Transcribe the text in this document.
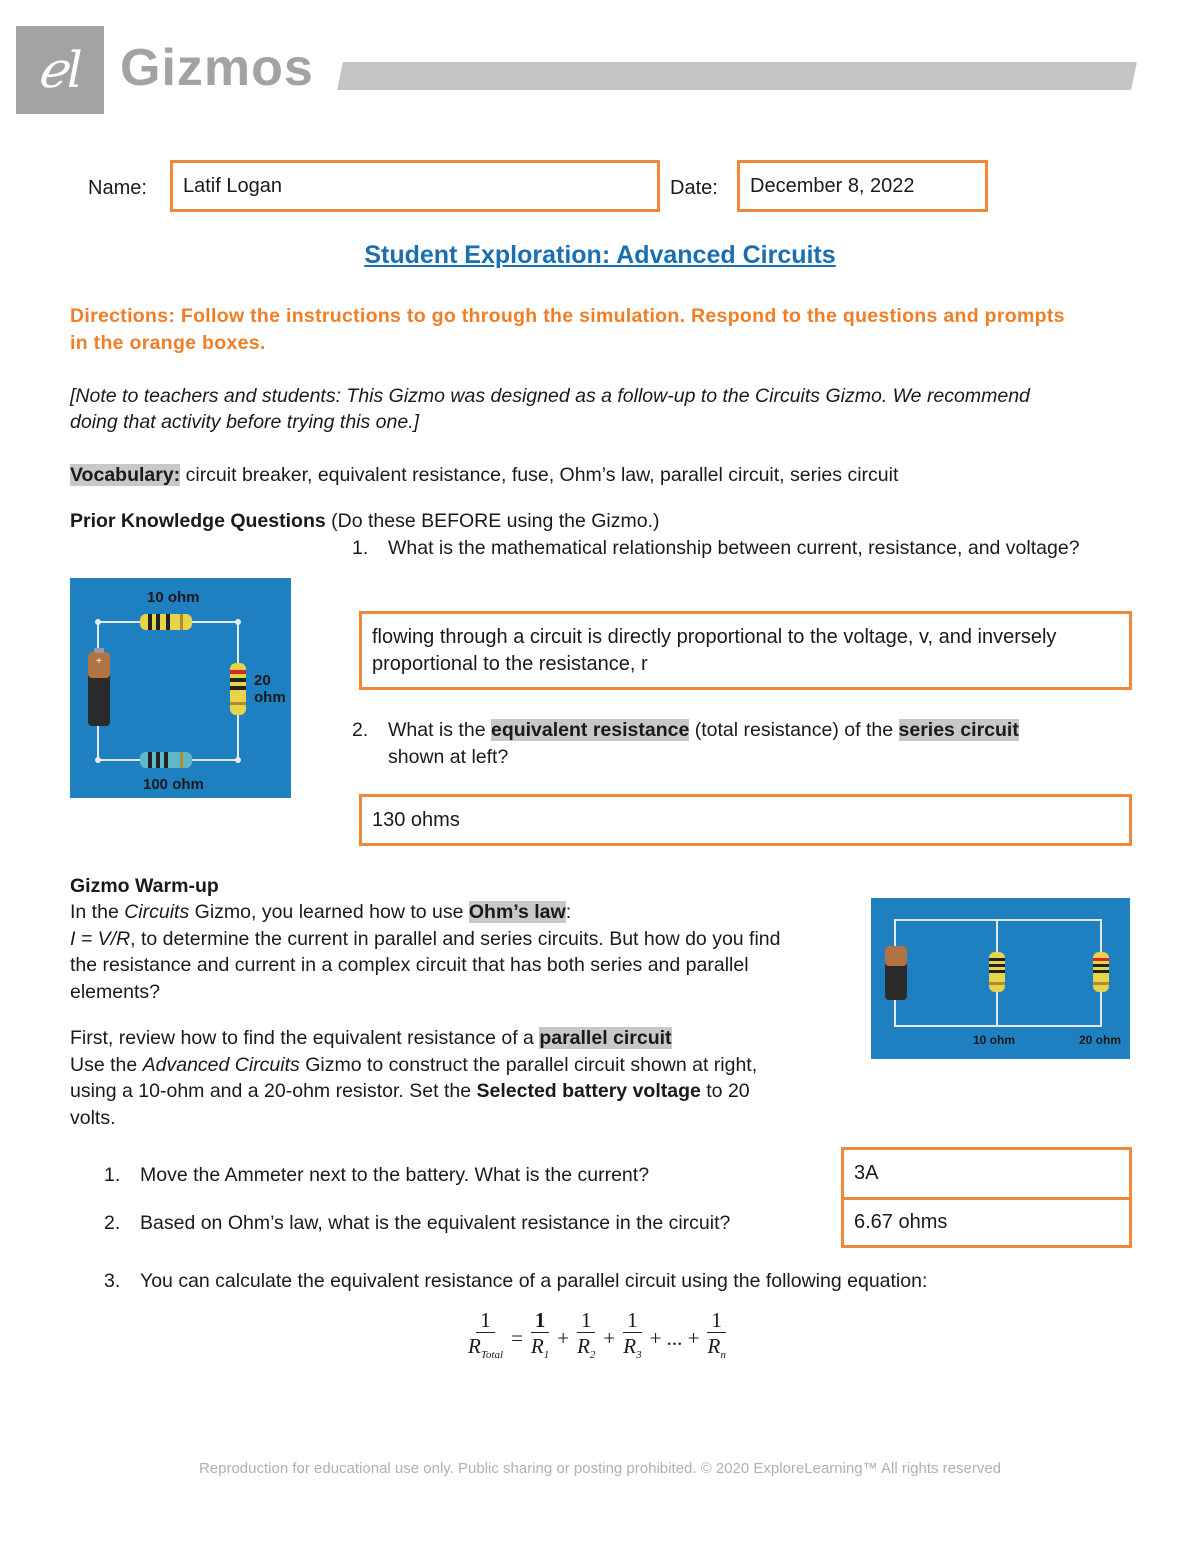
ℯl Gizmos
Name: Latif Logan	Date: December 8, 2022
Student Exploration: Advanced Circuits
Directions: Follow the instructions to go through the simulation. Respond to the questions and prompts in the orange boxes.
[Note to teachers and students: This Gizmo was designed as a follow-up to the Circuits Gizmo. We recommend doing that activity before trying this one.]
Vocabulary: circuit breaker, equivalent resistance, fuse, Ohm’s law, parallel circuit, series circuit
Prior Knowledge Questions (Do these BEFORE using the Gizmo.)
+
10 ohm
20
ohm
100 ohm
1. What is the mathematical relationship between current, resistance, and voltage?
flowing through a circuit is directly proportional to the voltage, v, and inversely proportional to the resistance, r
2. What is the equivalent resistance (total resistance) of the series circuit
shown at left?
130 ohms
Gizmo Warm-up
In the Circuits Gizmo, you learned how to use Ohm’s law:
I = V/R, to determine the current in parallel and series circuits. But how do you find the resistance and current in a complex circuit that has both series and parallel elements?
First, review how to find the equivalent resistance of a parallel circuit
Use the Advanced Circuits Gizmo to construct the parallel circuit shown at right, using a 10-ohm and a 20-ohm resistor. Set the Selected battery voltage to 20 volts.
10 ohm	20 ohm
1. Move the Ammeter next to the battery. What is the current?	3A
2. Based on Ohm’s law, what is the equivalent resistance in the circuit?	6.67 ohms
3. You can calculate the equivalent resistance of a parallel circuit using the following equation:
$\frac{1}{R_{Total}} = \frac{1}{R_1} + \frac{1}{R_2} + \frac{1}{R_3}$ + ... + $\frac{1}{R_n}$
Reproduction for educational use only. Public sharing or posting prohibited. © 2020 ExploreLearning™ All rights reserved
